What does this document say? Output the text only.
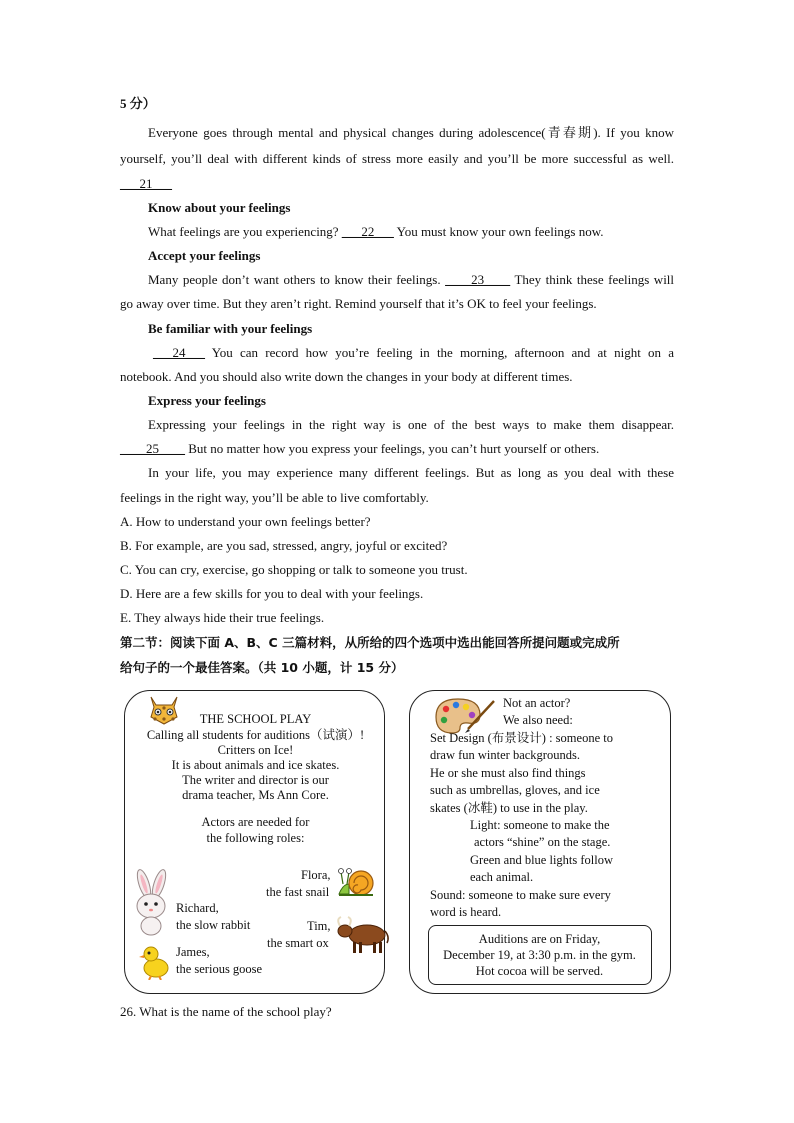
5 分）
Everyone goes through mental and physical changes during adolescence(青春期). If you know
yourself, you’ll deal with different kinds of stress more easily and you’ll be more successful as well.
___21___
Know about your feelings
What feelings are you experiencing? ___22___ You must know your own feelings now.
Accept your feelings
Many people don’t want others to know their feelings. ____23____ They think these feelings will
go away over time. But they aren’t right. Remind yourself that it’s OK to feel your feelings.
Be familiar with your feelings
___24___ You can record how you’re feeling in the morning, afternoon and at night on a
notebook. And you should also write down the changes in your body at different times.
Express your feelings
Expressing your feelings in the right way is one of the best ways to make them disappear.
____25____ But no matter how you express your feelings, you can’t hurt yourself or others.
In your life, you may experience many different feelings. But as long as you deal with these
feelings in the right way, you’ll be able to live comfortably.
A. How to understand your own feelings better?
B. For example, are you sad, stressed, angry, joyful or excited?
C. You can cry, exercise, go shopping or talk to someone you trust.
D. Here are a few skills for you to deal with your feelings.
E. They always hide their true feelings.
第二节：阅读下面 A、B、C 三篇材料，从所给的四个选项中选出能回答所提问题或完成所
给句子的一个最佳答案。（共 10 小题，计 15 分）
THE SCHOOL PLAY
Calling all students for auditions（试演）!
Critters on Ice!
It is about animals and ice skates.
The writer and director is our
drama teacher, Ms Ann Core.
Actors are needed for
the following roles:
Flora,
the fast snail
Richard,
the slow rabbit	Tim,
the smart ox
James,
the serious goose
Not an actor?
We also need:
Set Design (布景设计) : someone to
draw fun winter backgrounds.
He or she must also find things
such as umbrellas, gloves, and ice
skates (冰鞋) to use in the play.
Light: someone to make the
actors “shine” on the stage.
Green and blue lights follow
each animal.
Sound: someone to make sure every
word is heard.
Auditions are on Friday,
December 19, at 3:30 p.m. in the gym.
Hot cocoa will be served.
26. What is the name of the school play?
